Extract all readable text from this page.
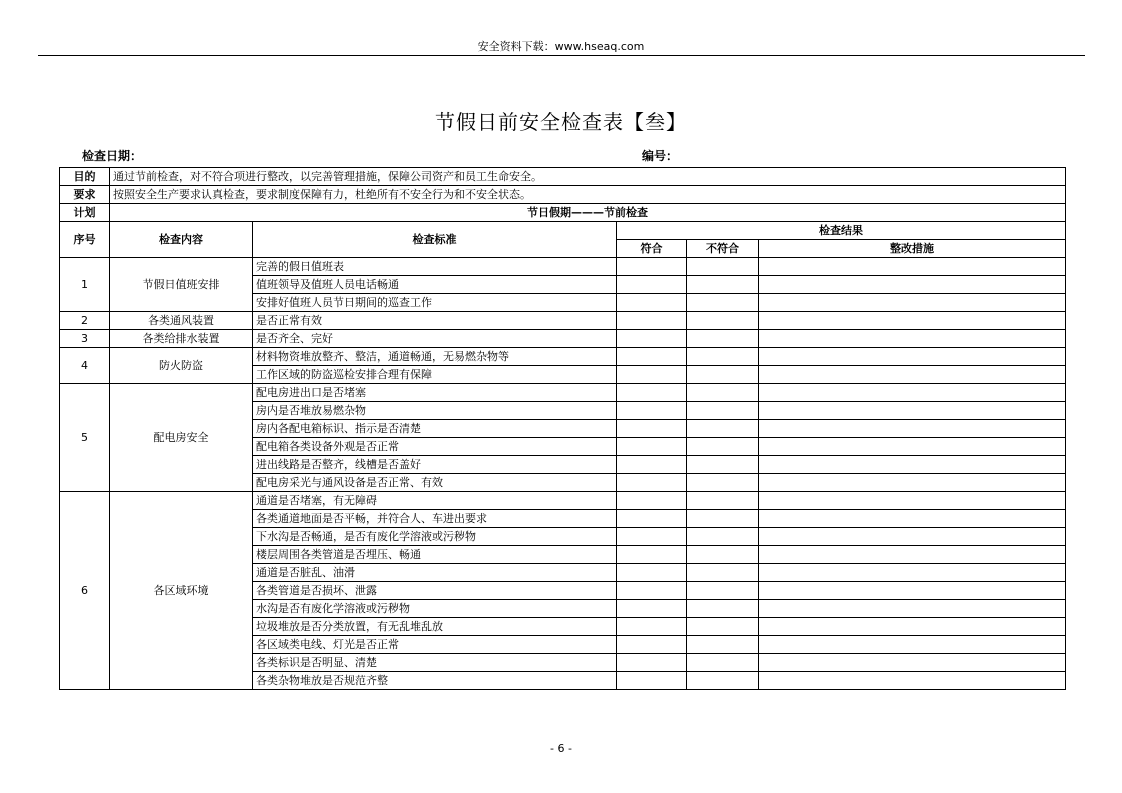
安全资料下载：www.hseaq.com
节假日前安全检查表【叁】
检查日期：	编号：
目的	通过节前检查，对不符合项进行整改，以完善管理措施，保障公司资产和员工生命安全。				
要求	按照安全生产要求认真检查，要求制度保障有力，杜绝所有不安全行为和不安全状态。				
计划	节日假期———节前检查				
序号	检查内容	检查标准	检查结果		
			符合	不符合	整改措施
1	节假日值班安排	完善的假日值班表			
		值班领导及值班人员电话畅通			
		安排好值班人员节日期间的巡查工作			
2	各类通风装置	是否正常有效			
3	各类给排水装置	是否齐全、完好			
4	防火防盗	材料物资堆放整齐、整洁，通道畅通，无易燃杂物等			
		工作区域的防盗巡检安排合理有保障			
5	配电房安全	配电房进出口是否堵塞			
		房内是否堆放易燃杂物			
		房内各配电箱标识、指示是否清楚			
		配电箱各类设备外观是否正常			
		进出线路是否整齐，线槽是否盖好			
		配电房采光与通风设备是否正常、有效			
6	各区域环境	通道是否堵塞，有无障碍			
		各类通道地面是否平畅，并符合人、车进出要求			
		下水沟是否畅通，是否有废化学溶液或污秽物			
		楼层周围各类管道是否埋压、畅通			
		通道是否脏乱、油滑			
		各类管道是否损坏、泄露			
		水沟是否有废化学溶液或污秽物			
		垃圾堆放是否分类放置，有无乱堆乱放			
		各区域类电线、灯光是否正常			
		各类标识是否明显、清楚			
		各类杂物堆放是否规范齐整			
- 6 -
